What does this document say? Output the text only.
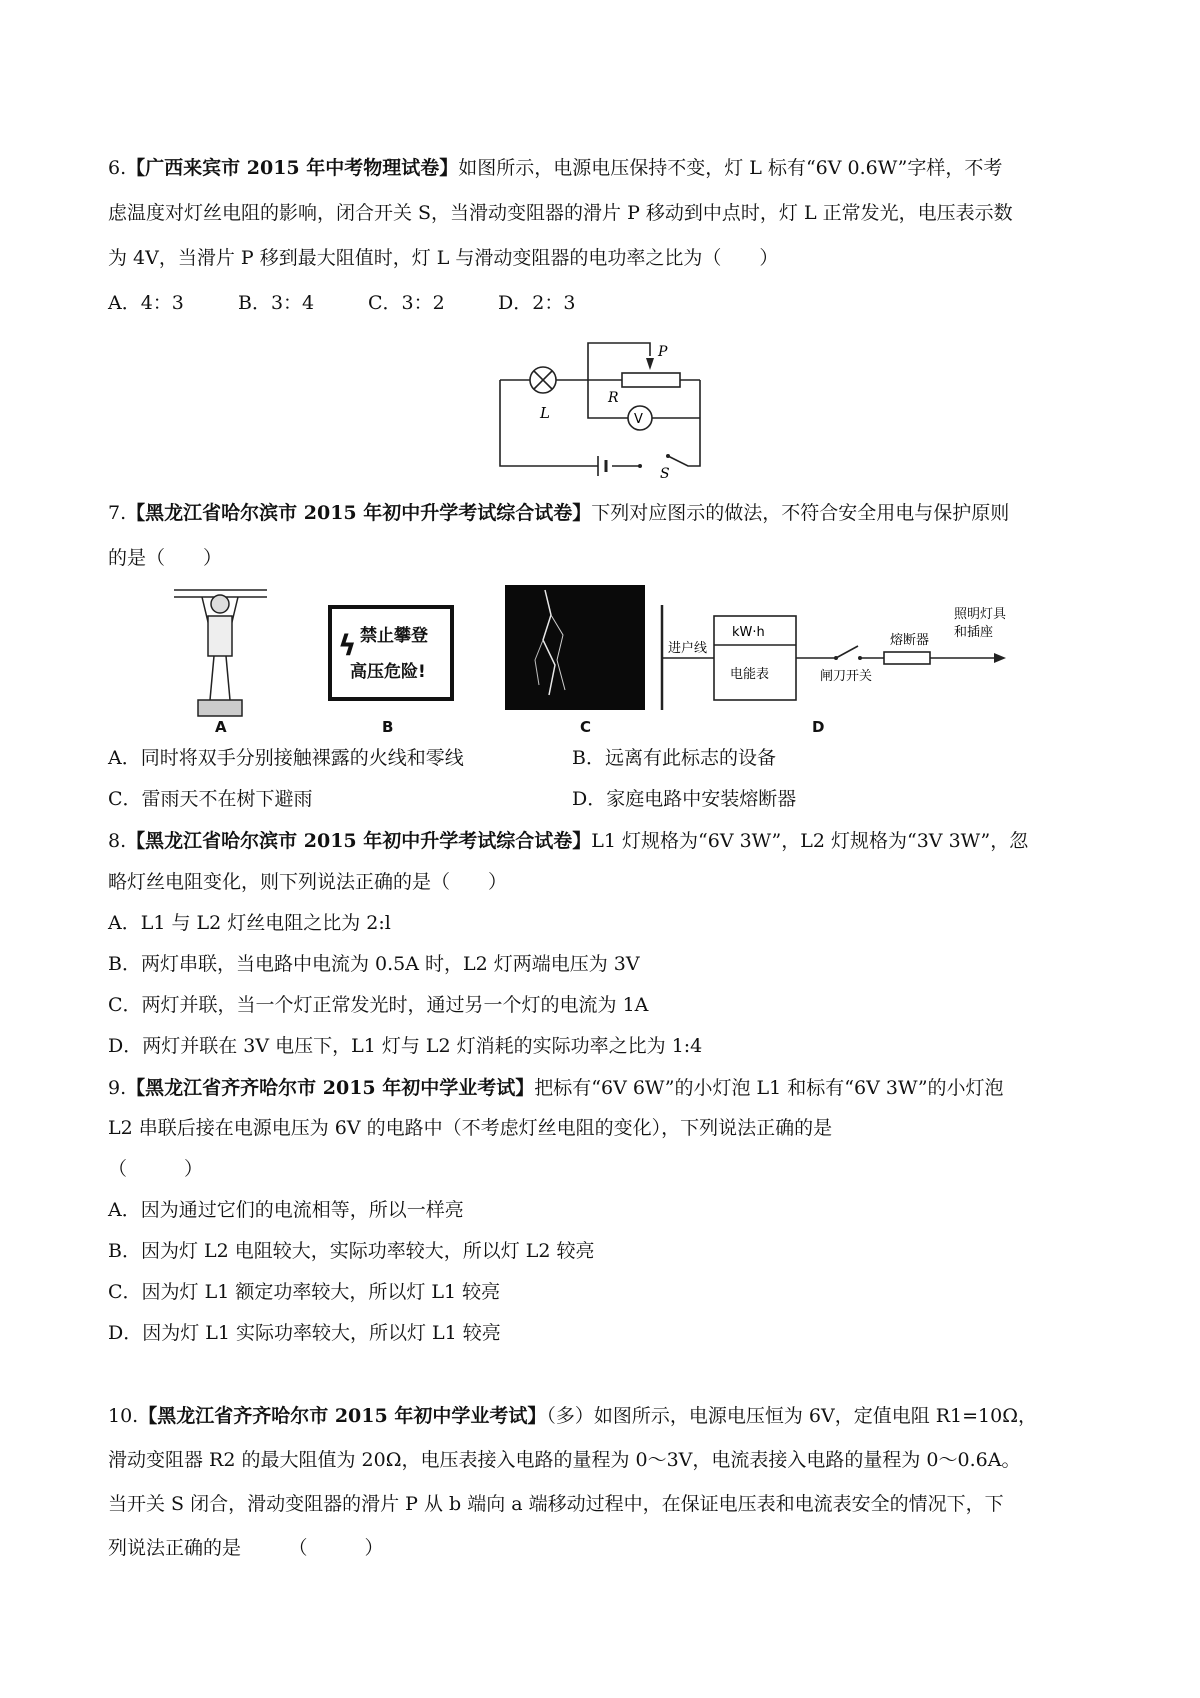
6.【广西来宾市 2015 年中考物理试卷】如图所示，电源电压保持不变，灯 L 标有“6V 0.6W”字样，不考
虑温度对灯丝电阻的影响，闭合开关 S，当滑动变阻器的滑片 P 移动到中点时，灯 L 正常发光，电压表示数
为 4V，当滑片 P 移到最大阻值时，灯 L 与滑动变阻器的电功率之比为（　　）
A．4：3	B．3：4	C．3：2	D．2：3
L
R
P
V
S
7.【黑龙江省哈尔滨市 2015 年初中升学考试综合试卷】下列对应图示的做法，不符合安全用电与保护原则
的是（　　）
A
ϟ 禁止攀登
高压危险!
B	C
进户线
kW·h
电能表	闸刀开关
熔断器
照明灯具
和插座
D
A．同时将双手分别接触裸露的火线和零线	B．远离有此标志的设备
C．雷雨天不在树下避雨	D．家庭电路中安装熔断器
8.【黑龙江省哈尔滨市 2015 年初中升学考试综合试卷】L1 灯规格为“6V 3W”，L2 灯规格为“3V 3W”，忽
略灯丝电阻变化，则下列说法正确的是（　　）
A．L1 与 L2 灯丝电阻之比为 2:l
B．两灯串联，当电路中电流为 0.5A 时，L2 灯两端电压为 3V
C．两灯并联，当一个灯正常发光时，通过另一个灯的电流为 1A
D．两灯并联在 3V 电压下，L1 灯与 L2 灯消耗的实际功率之比为 1:4
9.【黑龙江省齐齐哈尔市 2015 年初中学业考试】把标有“6V 6W”的小灯泡 L1 和标有“6V 3W”的小灯泡
L2 串联后接在电源电压为 6V 的电路中（不考虑灯丝电阻的变化），下列说法正确的是
（　　　）
A．因为通过它们的电流相等，所以一样亮
B．因为灯 L2 电阻较大，实际功率较大，所以灯 L2 较亮
C．因为灯 L1 额定功率较大，所以灯 L1 较亮
D．因为灯 L1 实际功率较大，所以灯 L1 较亮
10.【黑龙江省齐齐哈尔市 2015 年初中学业考试】（多）如图所示，电源电压恒为 6V，定值电阻 R1=10Ω，
滑动变阻器 R2 的最大阻值为 20Ω，电压表接入电路的量程为 0～3V，电流表接入电路的量程为 0～0.6A。
当开关 S 闭合，滑动变阻器的滑片 P 从 b 端向 a 端移动过程中，在保证电压表和电流表安全的情况下，下
列说法正确的是　　　（　　　）
